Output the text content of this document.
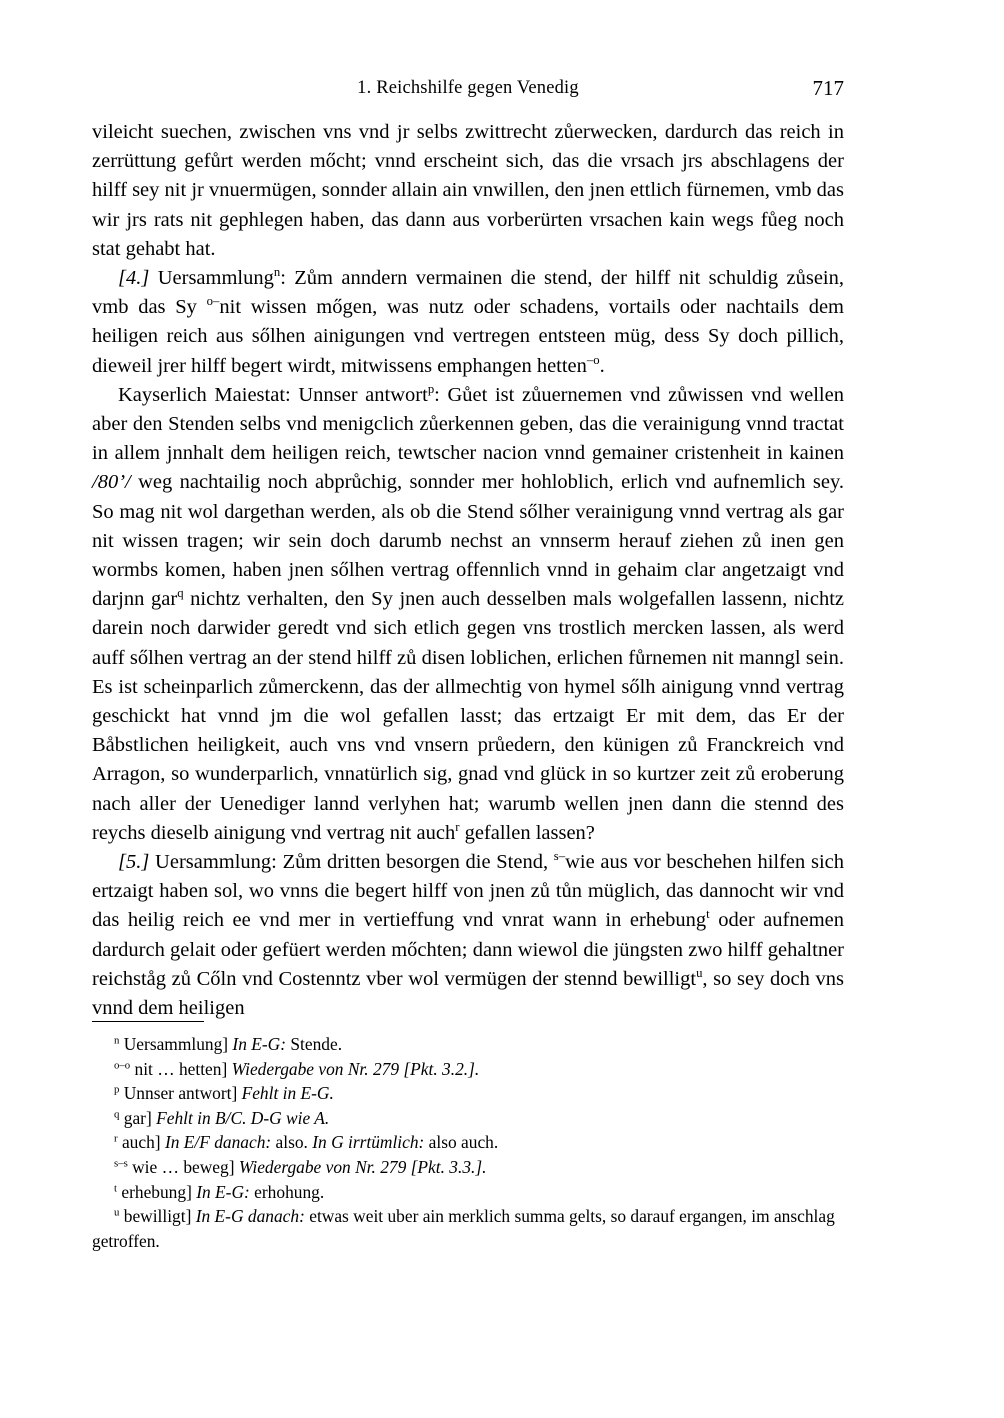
1. Reichshilfe gegen Venedig	717

vileicht suechen, zwischen vns vnd jr selbs zwittrecht zůerwecken, dardurch das reich in zerrüttung gefůrt werden mőcht; vnnd erscheint sich, das die vrsach jrs abschlagens der hilff sey nit jr vnuermügen, sonnder allain ain vnwillen, den jnen ettlich fürnemen, vmb das wir jrs rats nit gephlegen haben, das dann aus vorberürten vrsachen kain wegs fůeg noch stat gehabt hat.

[4.] Uersammlung$^n$: Zům anndern vermainen die stend, der hilff nit schuldig zůsein, vmb das Sy $^{o-}$nit wissen mőgen, was nutz oder schadens, vortails oder nachtails dem heiligen reich aus sőlhen ainigungen vnd vertregen entsteen müg, dess Sy doch pillich, dieweil jrer hilff begert wirdt, mitwissens emphangen hetten$^{-o}$.

Kayserlich Maiestat: Unnser antwort$^p$: Gůet ist zůuernemen vnd zůwissen vnd wellen aber den Stenden selbs vnd menigclich zůerkennen geben, das die verainigung vnnd tractat in allem jnnhalt dem heiligen reich, tewtscher nacion vnnd gemainer cristenheit in kainen /80’/ weg nachtailig noch abprůchig, sonnder mer hohloblich, erlich vnd aufnemlich sey. So mag nit wol dargethan werden, als ob die Stend sőlher verainigung vnnd vertrag als gar nit wissen tragen; wir sein doch darumb nechst an vnnserm herauf ziehen zů inen gen wormbs komen, haben jnen sőlhen vertrag offennlich vnnd in gehaim clar angetzaigt vnd darjnn gar$^q$ nichtz verhalten, den Sy jnen auch desselben mals wolgefallen lassenn, nichtz darein noch darwider geredt vnd sich etlich gegen vns trostlich mercken lassen, als werd auff sőlhen vertrag an der stend hilff zů disen loblichen, erlichen fůrnemen nit manngl sein. Es ist scheinparlich zůmerckenn, das der allmechtig von hymel sőlh ainigung vnnd vertrag geschickt hat vnnd jm die wol gefallen lasst; das ertzaigt Er mit dem, das Er der Båbstlichen heiligkeit, auch vns vnd vnsern průedern, den künigen zů Franckreich vnd Arragon, so wunderparlich, vnnatürlich sig, gnad vnd glück in so kurtzer zeit zů eroberung nach aller der Uenediger lannd verlyhen hat; warumb wellen jnen dann die stennd des reychs dieselb ainigung vnd vertrag nit auch$^r$ gefallen lassen?

[5.] Uersammlung: Zům dritten besorgen die Stend, $^{s-}$wie aus vor beschehen hilfen sich ertzaigt haben sol, wo vnns die begert hilff von jnen zů tůn müglich, das dannocht wir vnd das heilig reich ee vnd mer in vertieffung vnd vnrat wann in erhebung$^t$ oder aufnemen dardurch gelait oder gefüert werden mőchten; dann wiewol die jüngsten zwo hilff gehaltner reichståg zů Cőln vnd Costenntz vber wol vermügen der stennd bewilligt$^u$, so sey doch vns vnnd dem heiligen

$^n$ Uersammlung] In E-G: Stende.

$^{o-o}$ nit … hetten] Wiedergabe von Nr. 279 [Pkt. 3.2.].

$^p$ Unnser antwort] Fehlt in E-G.

$^q$ gar] Fehlt in B/C. D-G wie A.

$^r$ auch] In E/F danach: also. In G irrtümlich: also auch.

$^{s-s}$ wie … beweg] Wiedergabe von Nr. 279 [Pkt. 3.3.].

$^t$ erhebung] In E-G: erhohung.

$^u$ bewilligt] In E-G danach: etwas weit uber ain merklich summa gelts, so darauf ergangen, im anschlag getroffen.
